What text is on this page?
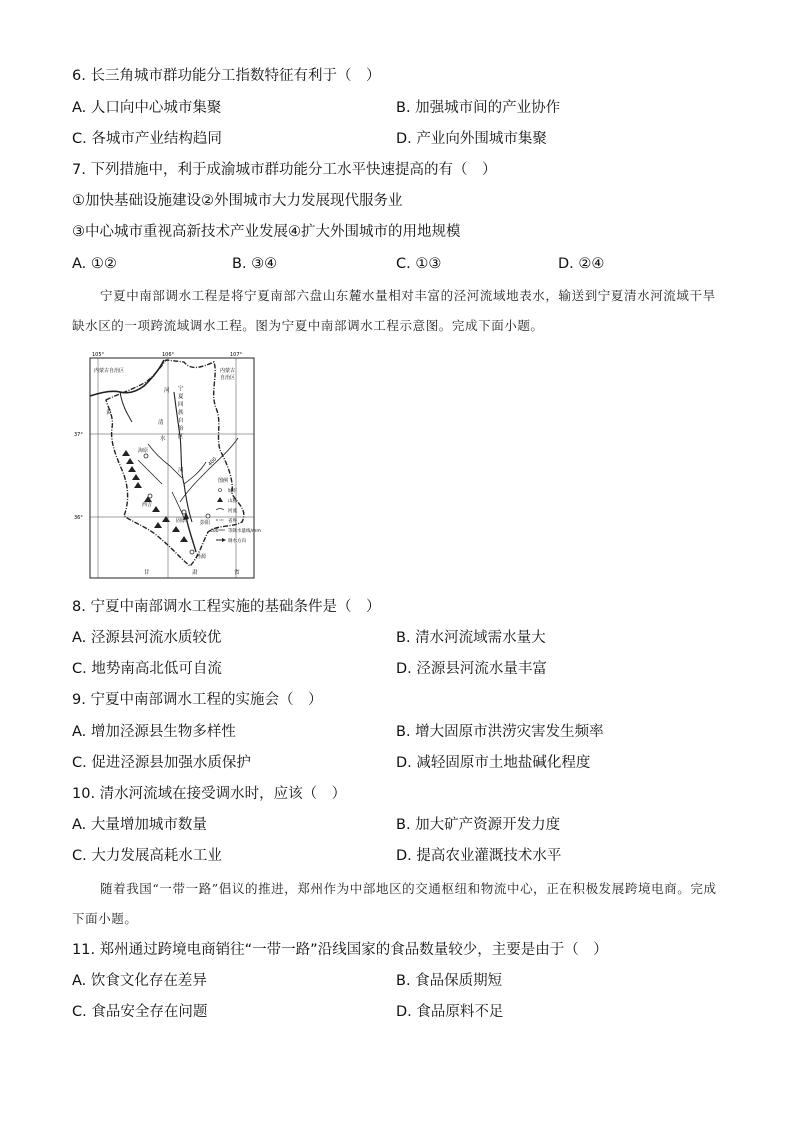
6. 长三角城市群功能分工指数特征有利于（　）
A. 人口向中心城市集聚	B. 加强城市间的产业协作
C. 各城市产业结构趋同	D. 产业向外围城市集聚
7. 下列措施中，利于成渝城市群功能分工水平快速提高的有（　）
①加快基础设施建设②外围城市大力发展现代服务业
③中心城市重视高新技术产业发展④扩大外围城市的用地规模
A. ①②	B. ③④	C. ①③	D. ②④
宁夏中南部调水工程是将宁夏南部六盘山东麓水量相对丰富的泾河流域地表水，输送到宁夏清水河流域干旱缺水区的一项跨流域调水工程。图为宁夏中南部调水工程示意图。完成下面小题。
105°	106°	107°
37°
36°
400
内蒙古自治区	内蒙古
自治区
宁
夏
回
族
自
治
区
黄
河
清
水
河
海原
固原
西吉
彭阳
泾源
甘	肃	省
图例
城市
山脉
河流
省界
400 等降水量线/mm
调水方向
8. 宁夏中南部调水工程实施的基础条件是（　）
A. 泾源县河流水质较优	B. 清水河流域需水量大
C. 地势南高北低可自流	D. 泾源县河流水量丰富
9. 宁夏中南部调水工程的实施会（　）
A. 增加泾源县生物多样性	B. 增大固原市洪涝灾害发生频率
C. 促进泾源县加强水质保护	D. 减轻固原市土地盐碱化程度
10. 清水河流域在接受调水时，应该（　）
A. 大量增加城市数量	B. 加大矿产资源开发力度
C. 大力发展高耗水工业	D. 提高农业灌溉技术水平
随着我国“一带一路”倡议的推进，郑州作为中部地区的交通枢纽和物流中心，正在积极发展跨境电商。完成下面小题。
11. 郑州通过跨境电商销往“一带一路”沿线国家的食品数量较少，主要是由于（　）
A. 饮食文化存在差异	B. 食品保质期短
C. 食品安全存在问题	D. 食品原料不足
